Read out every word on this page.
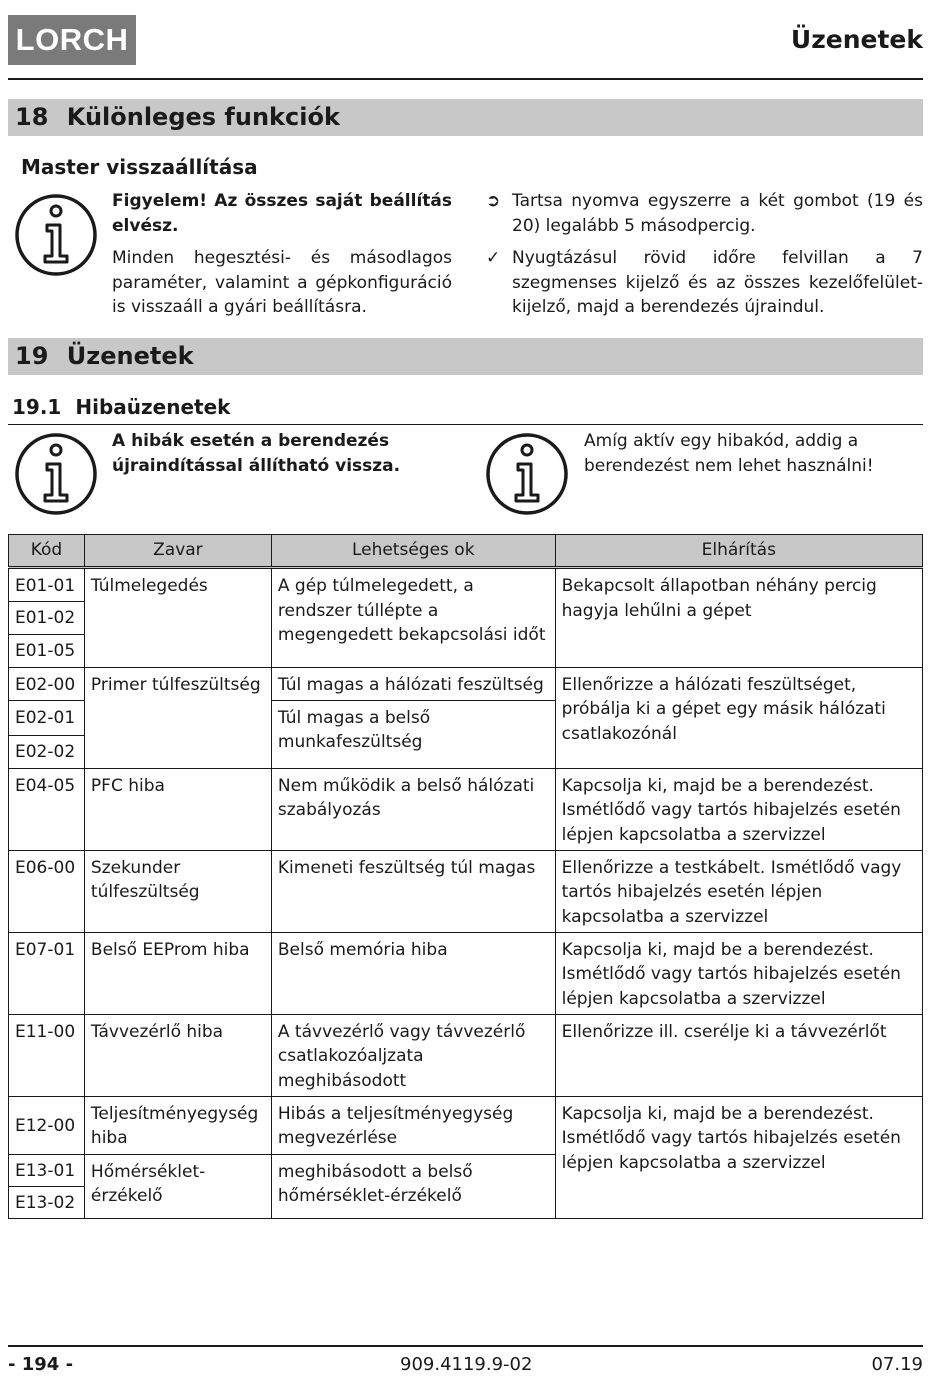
LORCH	Üzenetek
18 Különleges funkciók
Master visszaállítása
Figyelem! Az összes saját beállítás elvész.
Minden hegesztési- és másodlagos paraméter, valamint a gépkonfiguráció is visszaáll a gyári beállításra.
➲ Tartsa nyomva egyszerre a két gombot (19 és 20) legalább 5 másodpercig.
✓ Nyugtázásul rövid időre felvillan a 7 szegmenses kijelző és az összes kezelőfelület-kijelző, majd a berendezés újraindul.
19 Üzenetek
19.1 Hibaüzenetek
A hibák esetén a berendezés újraindítással állítható vissza.
Amíg aktív egy hibakód, addig a berendezést nem lehet használni!
Kód	Zavar	Lehetséges ok	Elhárítás
E01-01	Túlmelegedés	A gép túlmelegedett, a rendszer túllépte a megengedett bekapcsolási időt	Bekapcsolt állapotban néhány percig hagyja lehűlni a gépet
E01-02			
E01-05			
E02-00	Primer túlfeszültség	Túl magas a hálózati feszültség	Ellenőrizze a hálózati feszültséget, próbálja ki a gépet egy másik hálózati csatlakozónál
E02-01		Túl magas a belső munkafeszültség	
E02-02			
E04-05	PFC hiba	Nem működik a belső hálózati szabályozás	Kapcsolja ki, majd be a berendezést. Ismétlődő vagy tartós hibajelzés esetén lépjen kapcsolatba a szervizzel
E06-00	Szekunder túlfeszültség	Kimeneti feszültség túl magas	Ellenőrizze a testkábelt. Ismétlődő vagy tartós hibajelzés esetén lépjen kapcsolatba a szervizzel
E07-01	Belső EEProm hiba	Belső memória hiba	Kapcsolja ki, majd be a berendezést. Ismétlődő vagy tartós hibajelzés esetén lépjen kapcsolatba a szervizzel
E11-00	Távvezérlő hiba	A távvezérlő vagy távvezérlő csatlakozóaljzata meghibásodott	Ellenőrizze ill. cserélje ki a távvezérlőt
E12-00	Teljesítményegység hiba	Hibás a teljesítményegység megvezérlése	Kapcsolja ki, majd be a berendezést. Ismétlődő vagy tartós hibajelzés esetén lépjen kapcsolatba a szervizzel
E13-01	Hőmérséklet-érzékelő	meghibásodott a belső hőmérséklet-érzékelő	
E13-02			
- 194 -	909.4119.9-02	07.19
